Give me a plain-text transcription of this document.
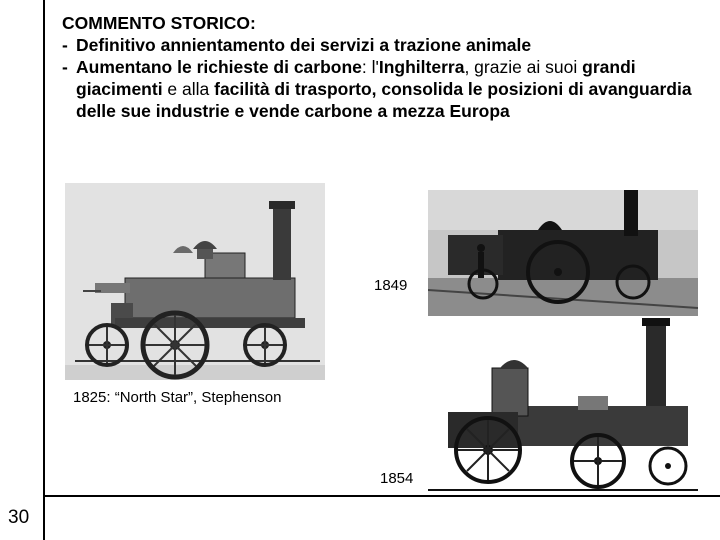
30
COMMENTO STORICO:
- Definitivo annientamento dei servizi a trazione animale
- Aumentano le richieste di carbone: l'Inghilterra, grazie ai suoi grandi giacimenti e alla facilità di trasporto, consolida le posizioni di avanguardia delle sue industrie e vende carbone a mezza Europa
1825: “North Star”, Stephenson
1849
1854
